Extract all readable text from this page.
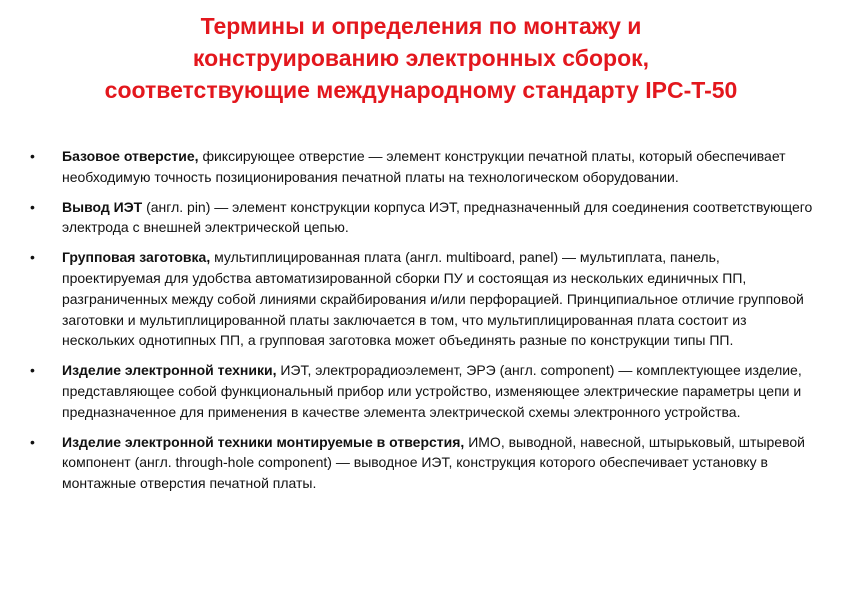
Термины и определения по монтажу и
конструированию электронных сборок,
соответствующие международному стандарту IPC-T-50
• Базовое отверстие, фиксирующее отверстие — элемент конструкции печатной платы, который обеспечивает необходимую точность позиционирования печатной платы на технологическом оборудовании.
• Вывод ИЭТ (англ. pin) — элемент конструкции корпуса ИЭТ, предназначенный для соединения соответствующего электрода с внешней электрической цепью.
• Групповая заготовка, мультиплицированная плата (англ. multiboard, panel) — мультиплата, панель, проектируемая для удобства автоматизированной сборки ПУ и состоящая из нескольких единичных ПП, разграниченных между собой линиями скрайбирования и/или перфорацией. Принципиальное отличие групповой заготовки и мультиплицированной платы заключается в том, что мультиплицированная плата состоит из нескольких однотипных ПП, а групповая заготовка может объединять разные по конструкции типы ПП.
• Изделие электронной техники, ИЭТ, электрорадиоэлемент, ЭРЭ (англ. component) — комплектующее изделие, представляющее собой функциональный прибор или устройство, изменяющее электрические параметры цепи и предназначенное для применения в качестве элемента электрической схемы электронного устройства.
• Изделие электронной техники монтируемые в отверстия, ИМО, выводной, навесной, штырьковый, штыревой компонент (англ. through-hole component) — выводное ИЭТ, конструкция которого обеспечивает установку в монтажные отверстия печатной платы.
